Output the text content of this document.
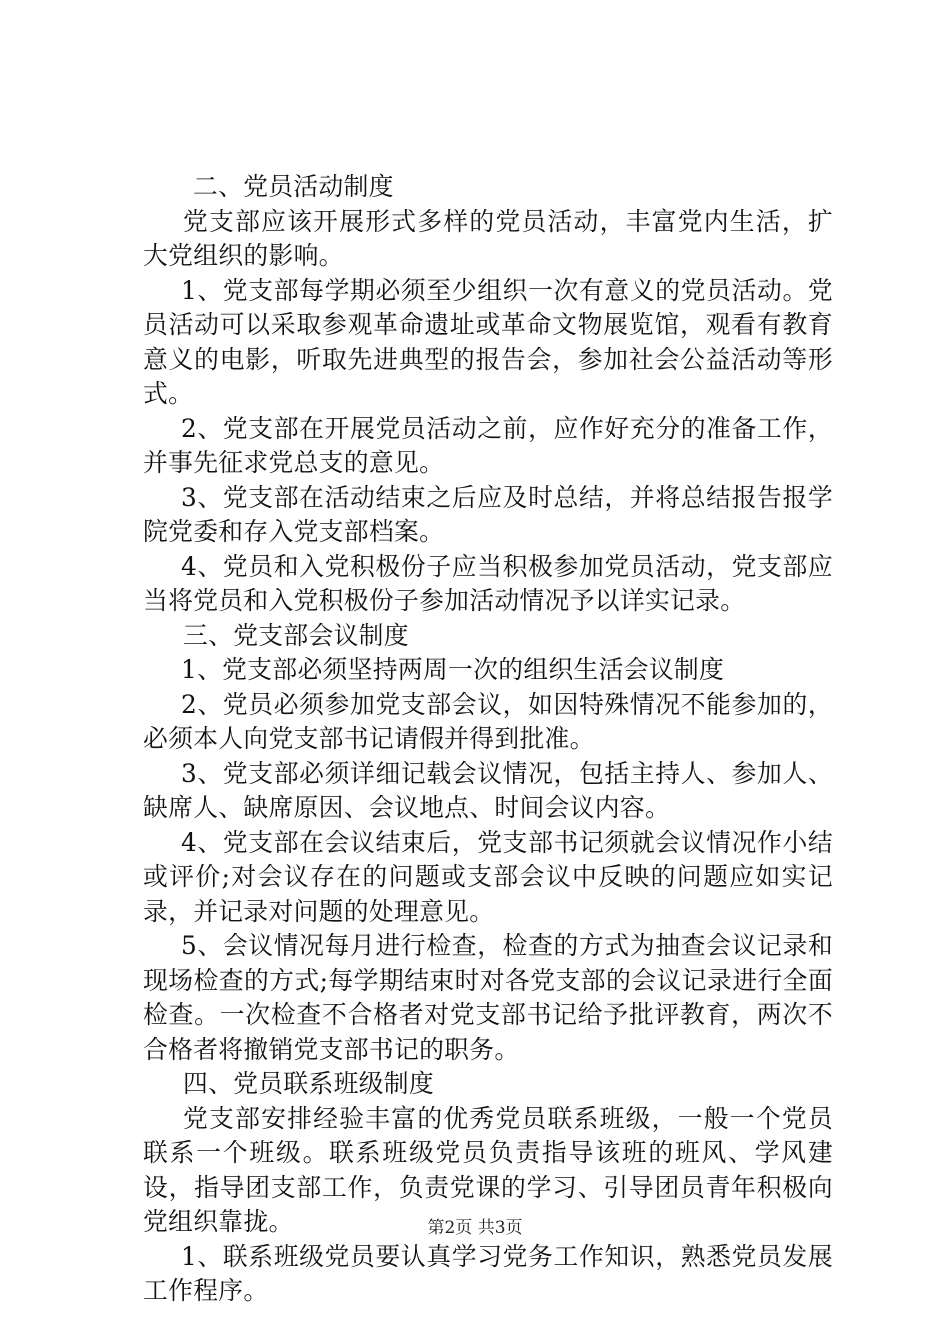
二、党员活动制度

党支部应该开展形式多样的党员活动，丰富党内生活，扩大党组织的影响。

1、党支部每学期必须至少组织一次有意义的党员活动。党员活动可以采取参观革命遗址或革命文物展览馆，观看有教育意义的电影，听取先进典型的报告会，参加社会公益活动等形式。

2、党支部在开展党员活动之前，应作好充分的准备工作，并事先征求党总支的意见。

3、党支部在活动结束之后应及时总结，并将总结报告报学院党委和存入党支部档案。

4、党员和入党积极份子应当积极参加党员活动，党支部应当将党员和入党积极份子参加活动情况予以详实记录。

三、党支部会议制度

1、党支部必须坚持两周一次的组织生活会议制度

2、党员必须参加党支部会议，如因特殊情况不能参加的，必须本人向党支部书记请假并得到批准。

3、党支部必须详细记载会议情况，包括主持人、参加人、缺席人、缺席原因、会议地点、时间会议内容。

4、党支部在会议结束后，党支部书记须就会议情况作小结或评价;对会议存在的问题或支部会议中反映的问题应如实记录，并记录对问题的处理意见。

5、会议情况每月进行检查，检查的方式为抽查会议记录和现场检查的方式;每学期结束时对各党支部的会议记录进行全面检查。一次检查不合格者对党支部书记给予批评教育，两次不合格者将撤销党支部书记的职务。

四、党员联系班级制度

党支部安排经验丰富的优秀党员联系班级，一般一个党员联系一个班级。联系班级党员负责指导该班的班风、学风建设，指导团支部工作，负责党课的学习、引导团员青年积极向党组织靠拢。

1、联系班级党员要认真学习党务工作知识，熟悉党员发展工作程序。

第2页 共3页
